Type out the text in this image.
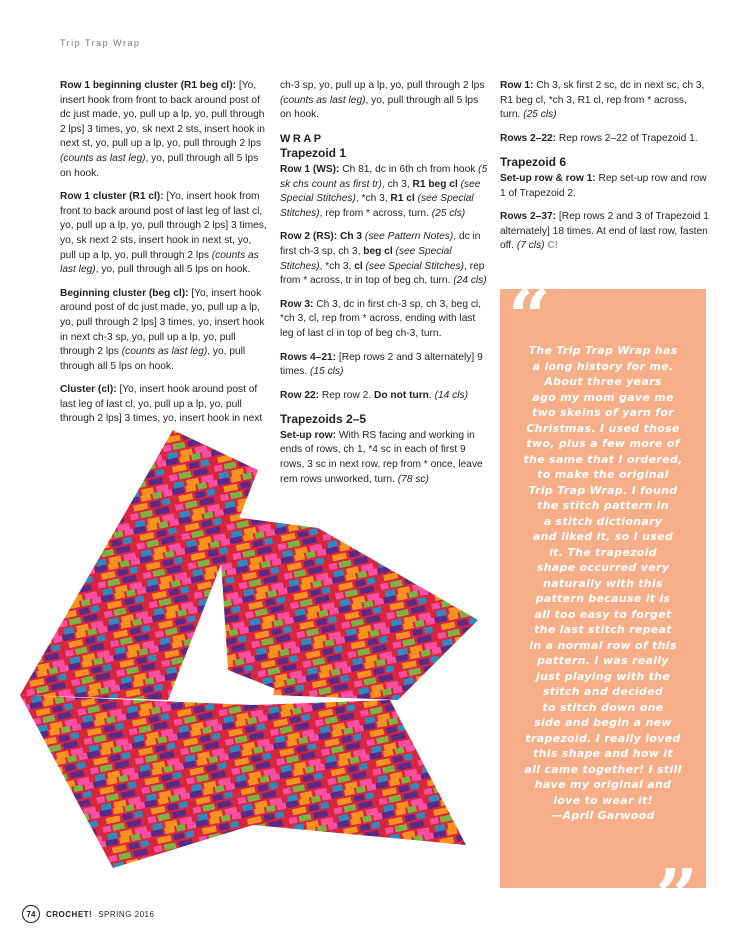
Trip Trap Wrap

Row 1 beginning cluster (R1 beg cl): [Yo, insert hook from front to back around post of dc just made, yo, pull up a lp, yo, pull through 2 lps] 3 times, yo, sk next 2 sts, insert hook in next st, yo, pull up a lp, yo, pull through 2 lps (counts as last leg), yo, pull through all 5 lps on hook.

Row 1 cluster (R1 cl): [Yo, insert hook from front to back around post of last leg of last cl, yo, pull up a lp, yo, pull through 2 lps] 3 times, yo, sk next 2 sts, insert hook in next st, yo, pull up a lp, yo, pull through 2 lps (counts as last leg), yo, pull through all 5 lps on hook.

Beginning cluster (beg cl): [Yo, insert hook around post of dc just made, yo, pull up a lp, yo, pull through 2 lps] 3 times, yo, insert hook in next ch-3 sp, yo, pull up a lp, yo, pull through 2 lps (counts as last leg), yo, pull through all 5 lps on hook.

Cluster (cl): [Yo, insert hook around post of last leg of last cl, yo, pull up a lp, yo, pull through 2 lps] 3 times, yo, insert hook in next

ch-3 sp, yo, pull up a lp, yo, pull through 2 lps (counts as last leg), yo, pull through all 5 lps on hook.

WRAP
Trapezoid 1

Row 1 (WS): Ch 81, dc in 6th ch from hook (5 sk chs count as first tr), ch 3, R1 beg cl (see Special Stitches), *ch 3, R1 cl (see Special Stitches), rep from * across, turn. (25 cls)

Row 2 (RS): Ch 3 (see Pattern Notes), dc in first ch-3 sp, ch 3, beg cl (see Special Stitches), *ch 3, cl (see Special Stitches), rep from * across, tr in top of beg ch, turn. (24 cls)

Row 3: Ch 3, dc in first ch-3 sp, ch 3, beg cl, *ch 3, cl, rep from * across, ending with last leg of last cl in top of beg ch-3, turn.

Rows 4–21: [Rep rows 2 and 3 alternately] 9 times. (15 cls)

Row 22: Rep row 2. Do not turn. (14 cls)

Trapezoids 2–5

Set-up row: With RS facing and working in ends of rows, ch 1, *4 sc in each of first 9 rows, 3 sc in next row, rep from * once, leave rem rows unworked, turn. (78 sc)

Row 1: Ch 3, sk first 2 sc, dc in next sc, ch 3, R1 beg cl, *ch 3, R1 cl, rep from * across, turn. (25 cls)

Rows 2–22: Rep rows 2–22 of Trapezoid 1.

Trapezoid 6

Set-up row & row 1: Rep set-up row and row 1 of Trapezoid 2.

Rows 2–37: [Rep rows 2 and 3 of Trapezoid 1 alternately] 18 times. At end of last row, fasten off. (7 cls) C!

“
The Trip Trap Wrap has
a long history for me.
About three years
ago my mom gave me
two skeins of yarn for
Christmas. I used those
two, plus a few more of
the same that I ordered,
to make the original
Trip Trap Wrap. I found
the stitch pattern in
a stitch dictionary
and liked it, so I used
it. The trapezoid
shape occurred very
naturally with this
pattern because it is
all too easy to forget
the last stitch repeat
in a normal row of this
pattern. I was really
just playing with the
stitch and decided
to stitch down one
side and begin a new
trapezoid. I really loved
this shape and how it
all came together! I still
have my original and
love to wear it!
—April Garwood
”
74	CROCHET! SPRING 2016
